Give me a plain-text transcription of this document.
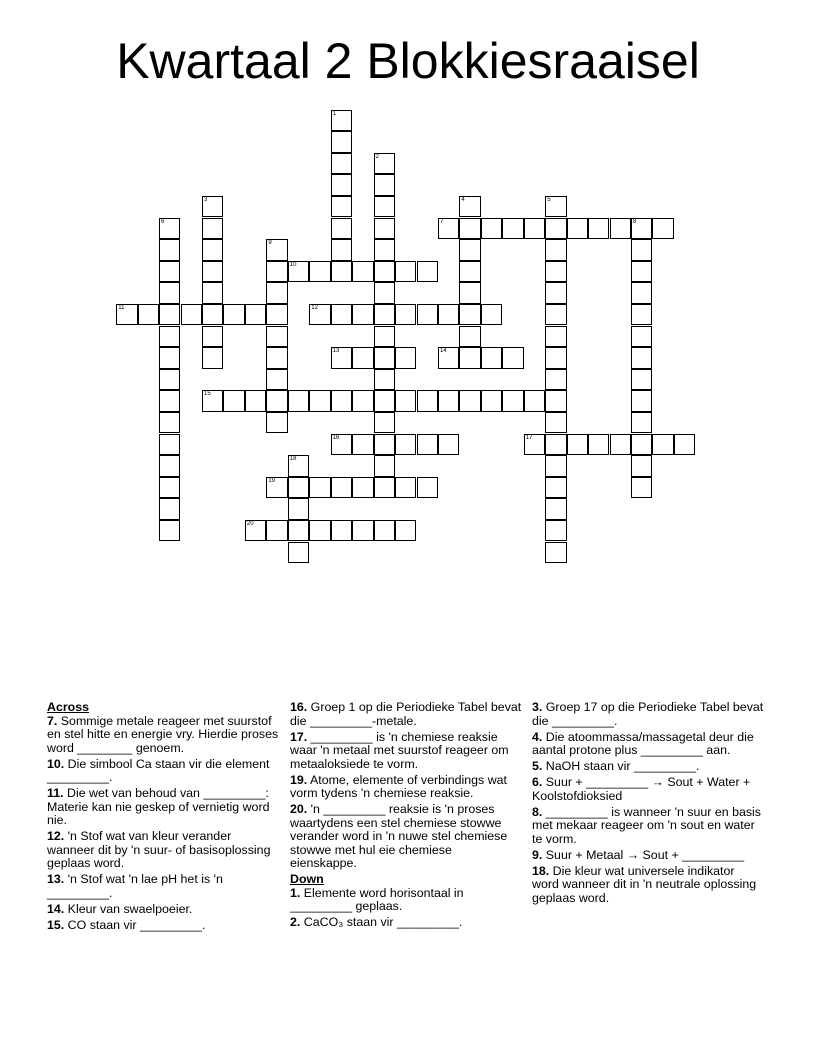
Kwartaal 2 Blokkiesraaisel
1
2
3	4	5
6	7	8
9
10
11	12
13	14
15
16	17
18
19
20
Across
7. Sommige metale reageer met suurstof en stel hitte en energie vry. Hierdie proses word ________ genoem.
10. Die simbool Ca staan vir die element _________.
11. Die wet van behoud van _________: Materie kan nie geskep of vernietig word nie.
12. 'n Stof wat van kleur verander wanneer dit by 'n suur- of basisoplossing geplaas word.
13. 'n Stof wat 'n lae pH het is 'n _________.
14. Kleur van swaelpoeier.
15. CO staan vir _________.
16. Groep 1 op die Periodieke Tabel bevat die _________-metale.
17. _________ is 'n chemiese reaksie waar 'n metaal met suurstof reageer om metaaloksiede te vorm.
19. Atome, elemente of verbindings wat vorm tydens 'n chemiese reaksie.
20. 'n _________ reaksie is 'n proses waartydens een stel chemiese stowwe verander word in 'n nuwe stel chemiese stowwe met hul eie chemiese eienskappe.
Down
1. Elemente word horisontaal in _________ geplaas.
2. CaCO₃ staan vir _________.
3. Groep 17 op die Periodieke Tabel bevat die _________.
4. Die atoommassa/massagetal deur die aantal protone plus _________ aan.
5. NaOH staan vir _________.
6. Suur + _________ → Sout + Water + Koolstofdioksied
8. _________ is wanneer 'n suur en basis met mekaar reageer om 'n sout en water te vorm.
9. Suur + Metaal → Sout + _________
18. Die kleur wat universele indikator word wanneer dit in 'n neutrale oplossing geplaas word.
